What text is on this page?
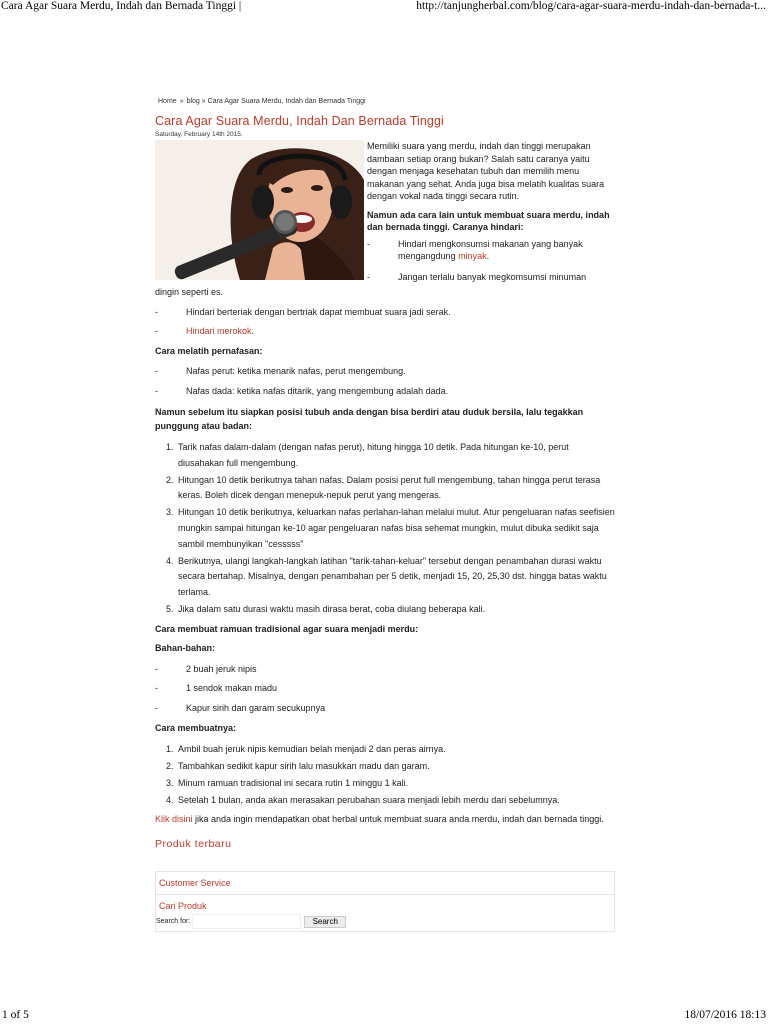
Cara Agar Suara Merdu, Indah dan Bernada Tinggi |	http://tanjungherbal.com/blog/cara-agar-suara-merdu-indah-dan-bernada-t...
Home » blog » Cara Agar Suara Merdu, Indah dan Bernada Tinggi
Cara Agar Suara Merdu, Indah Dan Bernada Tinggi
Saturday, February 14th 2015.

Memiliki suara yang merdu, indah dan tinggi merupakan dambaan setiap orang bukan? Salah satu caranya yaitu dengan menjaga kesehatan tubuh dan memilih menu makanan yang sehat. Anda juga bisa melatih kualitas suara dengan vokal nada tinggi secara rutin.

Namun ada cara lain untuk membuat suara merdu, indah dan bernada tinggi. Caranya hindari:

-	Hindari mengkonsumsi makanan yang banyak mengangdung minyak.
-	Jangan terlalu banyak megkomsumsi minuman

dingin seperti es.

-	Hindari berteriak dengan bertriak dapat membuat suara jadi serak.
-	Hindari merokok.

Cara melatih pernafasan:

-	Nafas perut: ketika menarik nafas, perut mengembung.
-	Nafas dada: ketika nafas ditarik, yang mengembung adalah dada.

Namun sebelum itu siapkan posisi tubuh anda dengan bisa berdiri atau duduk bersila, lalu tegakkan punggung atau badan:

1. Tarik nafas dalam-dalam (dengan nafas perut), hitung hingga 10 detik. Pada hitungan ke-10, perut diusahakan full mengembung.
2. Hitungan 10 detik berikutnya tahan nafas. Dalam posisi perut full mengembung, tahan hingga perut terasa keras. Boleh dicek dengan menepuk-nepuk perut yang mengeras.
3. Hitungan 10 detik berikutnya, keluarkan nafas perlahan-lahan melalui mulut. Atur pengeluaran nafas seefisien mungkin sampai hitungan ke-10 agar pengeluaran nafas bisa sehemat mungkin, mulut dibuka sedikit saja sambil membunyikan "cesssss"
4. Berikutnya, ulangi langkah-langkah latihan "tarik-tahan-keluar" tersebut dengan penambahan durasi waktu secara bertahap. Misalnya, dengan penambahan per 5 detik, menjadi 15, 20, 25,30 dst. hingga batas waktu terlama.
5. Jika dalam satu durasi waktu masih dirasa berat, coba diulang beberapa kali.

Cara membuat ramuan tradisional agar suara menjadi merdu:

Bahan-bahan:

-	2 buah jeruk nipis
-	1 sendok makan madu
-	Kapur sirih dan garam secukupnya

Cara membuatnya:

1. Ambil buah jeruk nipis kemudian belah menjadi 2 dan peras airnya.
2. Tambahkan sedikit kapur sirih lalu masukkan madu dan garam.
3. Minum ramuan tradisional ini secara rutin 1 minggu 1 kali.
4. Setelah 1 bulan, anda akan merasakan perubahan suara menjadi lebih merdu dari sebelumnya.

Klik disini jika anda ingin mendapatkan obat herbal untuk membuat suara anda merdu, indah dan bernada tinggi.

Produk terbaru
Customer Service
Cari Produk
Search for:	Search
1 of 5	18/07/2016 18:13
